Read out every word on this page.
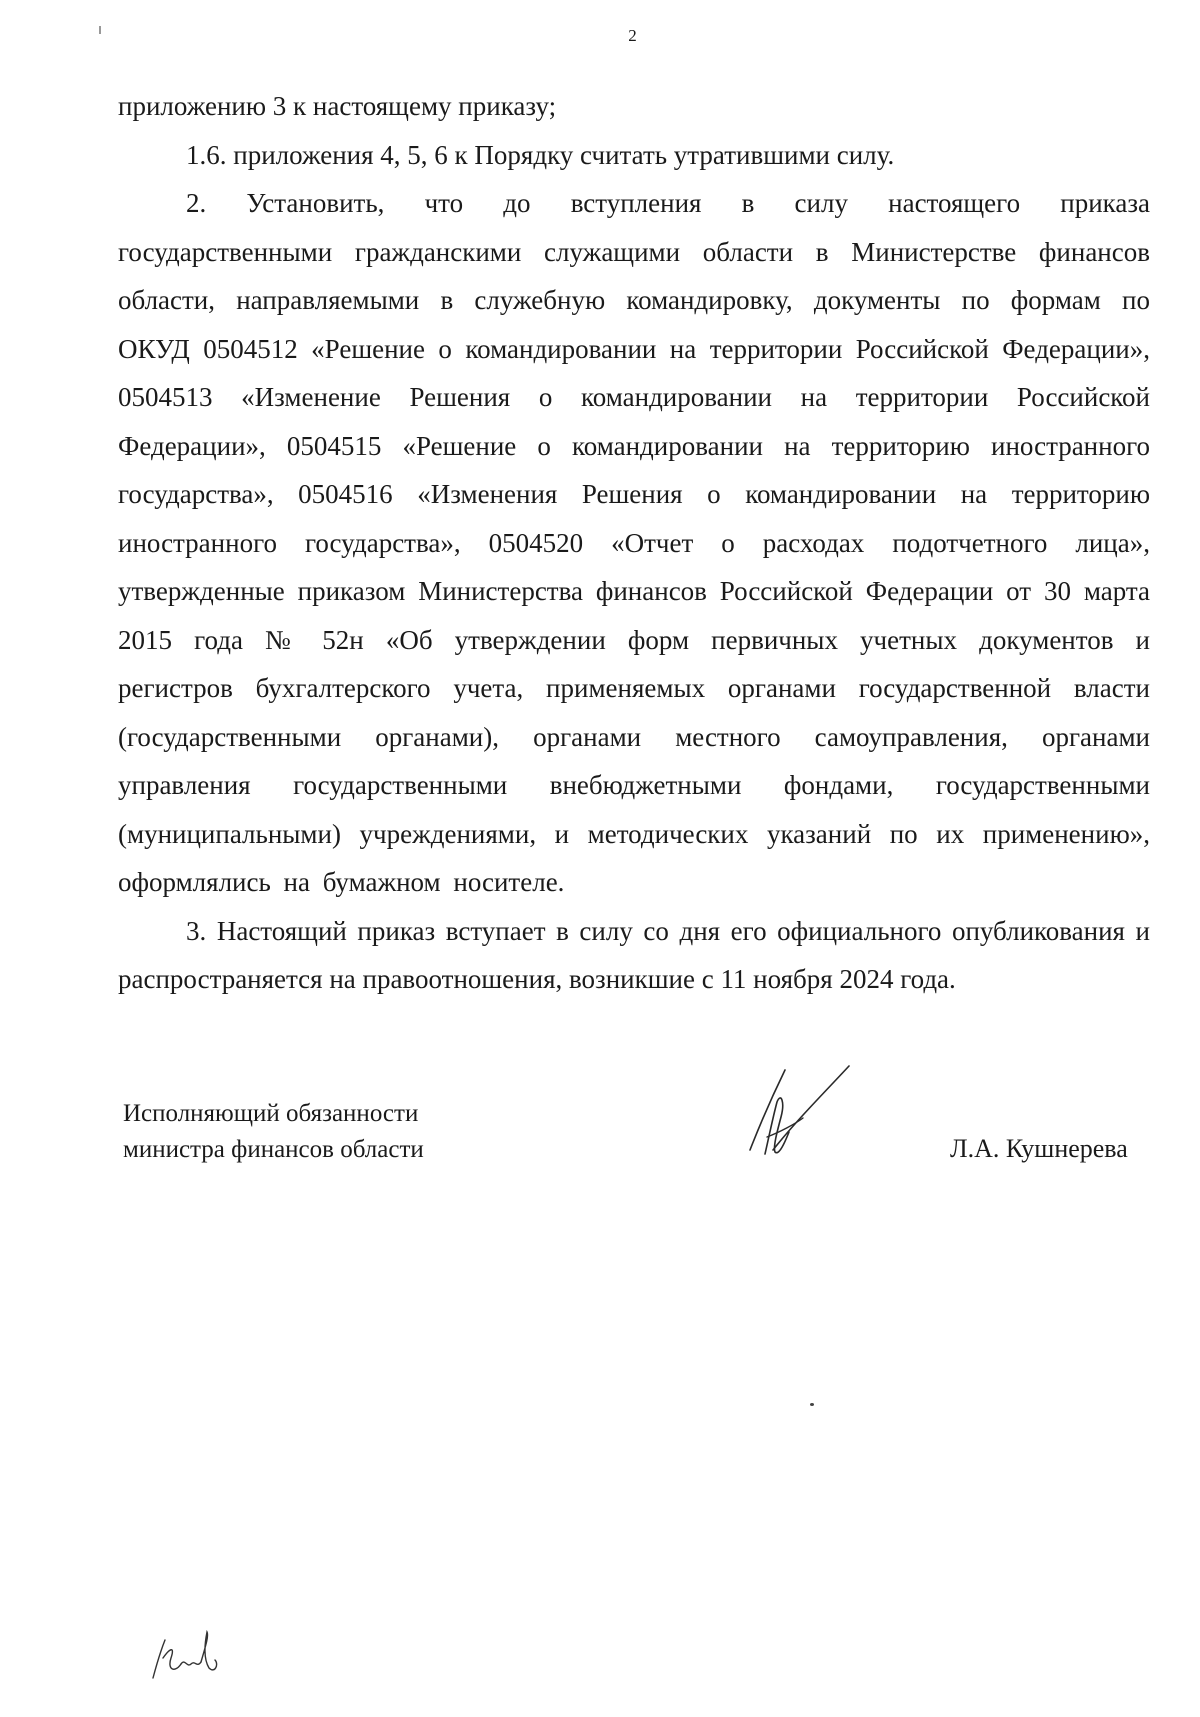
2

приложению 3 к настоящему приказу;

1.6. приложения 4, 5, 6 к Порядку считать утратившими силу.

2. Установить, что до вступления в силу настоящего приказа государственными гражданскими служащими области в Министерстве финансов области, направляемыми в служебную командировку, документы по формам по ОКУД 0504512 «Решение о командировании на территории Российской Федерации», 0504513 «Изменение Решения о командировании на территории Российской Федерации», 0504515 «Решение о командировании на территорию иностранного государства», 0504516 «Изменения Решения о командировании на территорию иностранного государства», 0504520 «Отчет о расходах подотчетного лица», утвержденные приказом Министерства финансов Российской Федерации от 30 марта 2015 года № 52н «Об утверждении форм первичных учетных документов и регистров бухгалтерского учета, применяемых органами государственной власти (государственными органами), органами местного самоуправления, органами управления государственными внебюджетными фондами, государственными (муниципальными) учреждениями, и методических указаний по их применению», оформлялись на бумажном носителе.

3. Настоящий приказ вступает в силу со дня его официального опубликования и распространяется на правоотношения, возникшие с 11 ноября 2024 года.

Исполняющий обязанности
министра финансов области	Л.А. Кушнерева
